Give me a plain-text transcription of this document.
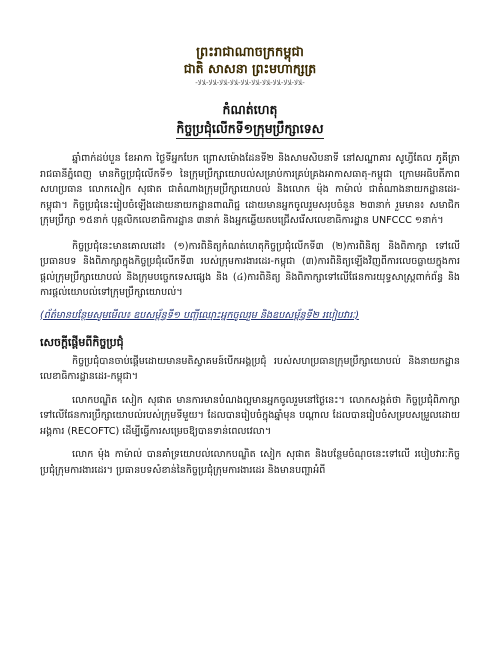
ព្រះរាជាណាចក្រកម្ពុជា
ជាតិ សាសនា ព្រះមហាក្សត្រ
-ﻼﻻ-ﻼﻻ-ﻼﻻ-ﻼﻻ-ﻼﻻ-ﻼﻻ-ﻼﻻ-ﻼﻻ-ﻼﻻ-ﻼﻻ-
កំណត់ហេតុ
កិច្ចប្រជុំលើកទី១ក្រុមប្រឹក្សាទេស

ឆ្នាំពាក់ដប់បួន ខែអាកា ថ្ងៃទីអ្នកបែក ព្រោសម៉ោងដែនទី២ និងសាមសិបនាទី នៅសណ្ឋាគារ សូហ្វីតែល ភូគីត្រា រាជធានីភ្នំពេញ មានកិច្ចប្រជុំលើកទី១ នៃក្រុមប្រឹក្សាយោបល់សម្រាប់ការគ្រប់គ្រងអាកាសធាតុ-កម្ពុជា ក្រោមអធិបតីភាព សហប្រធាន លោកសៀក សុផាត ជាតំណាងក្រុមប្រឹក្សាយោបល់ និងលោក ម៉ុង កាម៉ាល់ ជាតំណាងនាយកដ្ឋានដេរ-កម្ពុជា។ កិច្ចប្រជុំនេះរៀបចំឡើងដោយនាយកដ្ឋានពាណិជ្ជ ដោយមានអ្នកចូលរួមសរុបចំនួន ២៣នាក់ រួមមាន៖ សមាជិកក្រុមប្រឹក្សា ១៥នាក់ បុគ្គលិកលេខាធិការដ្ឋាន ៣នាក់ និងអ្នកឆ្លើយតបជ្រើសរើសលេខាធិការដ្ឋាន UNFCCC ១នាក់។

កិច្ចប្រជុំនេះមានគោលដៅ៖ (១)ការពិនិត្យកំណត់ហេតុកិច្ចប្រជុំលើកទី៣ (២)ការពិនិត្យ និងពិភាក្សា ទៅលើប្រធានបទ និងពិភាក្សាក្នុងកិច្ចប្រជុំលើកទី៣ របស់ក្រុមការងារដេរ-កម្ពុជា (៣)ការពិនិត្យឡើងវិញពីការលេចធ្លាយក្នុងការផ្តល់ក្រុមប្រឹក្សាយោបល់ និងក្រុមបច្ចេកទេសផ្សេង និង (៤)ការពិនិត្យ និងពិភាក្សាទៅលើផែនការយុទ្ធសាស្ត្រពាក់ព័ន្ធ និងការផ្តល់យោបល់ទៅក្រុមប្រឹក្សាយោបល់។

(ព័ត៌មានបន្ថែមសូមមើល៖ ឧបសម្ព័ន្ធទី១ បញ្ជីឈ្មោះអ្នកចូលរួម និងឧបសម្ព័ន្ធទី២ របៀបវារៈ)
សេចក្តីផ្តើមពីកិច្ចប្រជុំ

កិច្ចប្រជុំបានចាប់ផ្តើមដោយមានមតិស្វាគមន៍បើកអង្គប្រជុំ របស់សហប្រធានក្រុមប្រឹក្សាយោបល់ និងនាយកដ្ឋានលេខាធិការដ្ឋានដេរ-កម្ពុជា។

លោកបណ្ឌិត សៀក សុផាត មានការមានបំណងល្អមានអ្នកចូលរួមនៅថ្ងៃនេះ។ លោកសង្កត់ថា កិច្ចប្រជុំពិភាក្សា ទៅលើផែនការប្រឹក្សាយោបល់របស់ក្រុមទីមួយ។ ដែលបានរៀបចំក្នុងឆ្នាំមុន បណ្តាល ដែលបានរៀបចំសម្របសម្រួលដោយអង្គការ (RECOFTC) ដើម្បីធ្វើការសម្រេចឱ្យបានទាន់ពេលវេលា។

លោក ម៉ុង កាម៉ាល់ បានគាំទ្រយោបល់លោកបណ្ឌិត សៀក សុផាត និងបន្ថែមចំណុចនេះទៅលើ របៀបវារៈកិច្ចប្រជុំក្រុមការងារដេរ។ ប្រធានបទសំខាន់នៃកិច្ចប្រជុំក្រុមការងារដេរ និងមានបញ្ហាអំពី
